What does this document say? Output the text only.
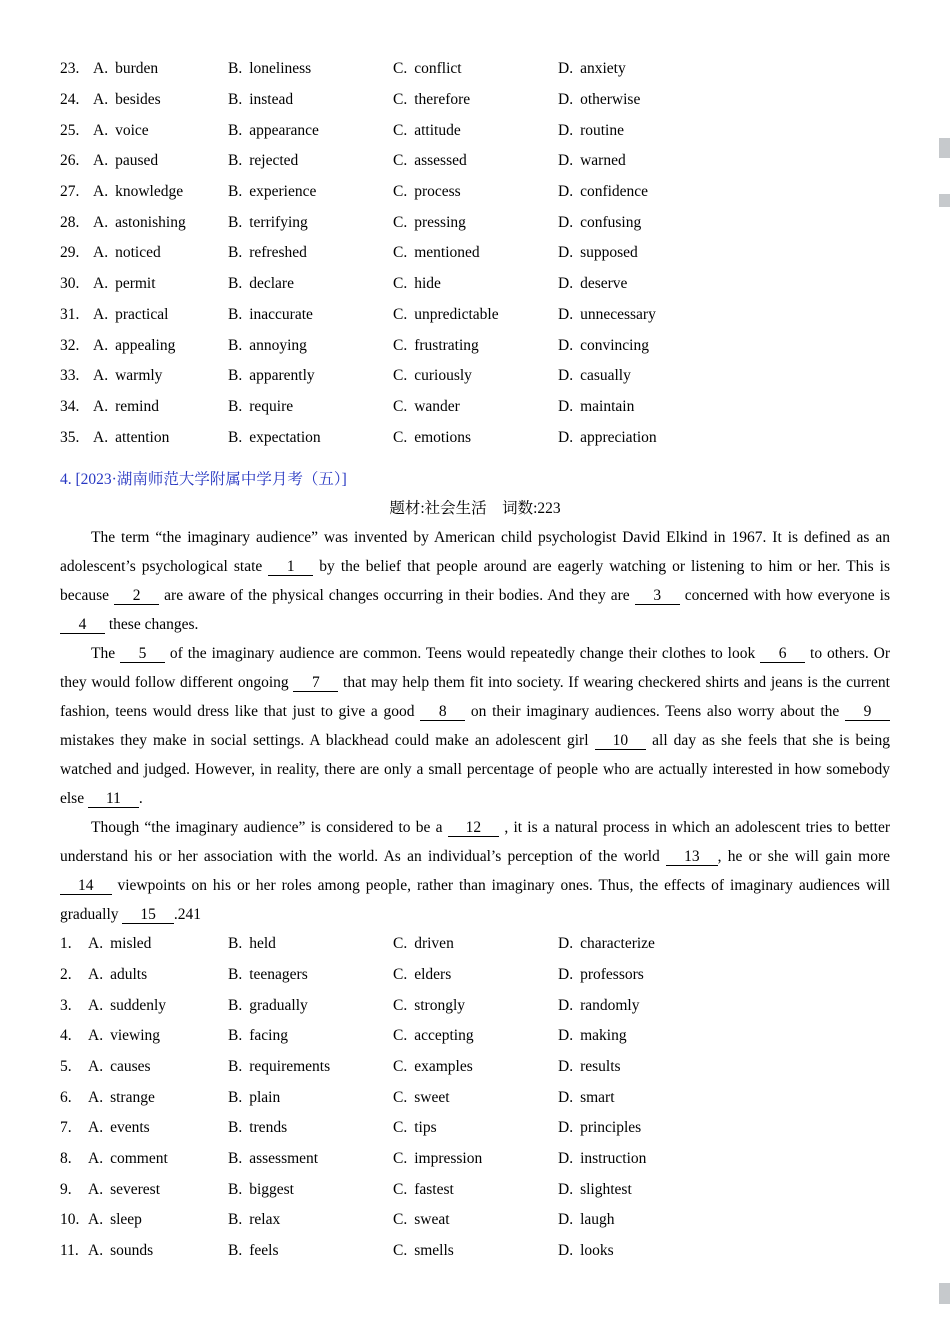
23. A. burden	B. loneliness	C. conflict	D. anxiety
24. A. besides	B. instead	C. therefore	D. otherwise
25. A. voice	B. appearance	C. attitude	D. routine
26. A. paused	B. rejected	C. assessed	D. warned
27. A. knowledge	B. experience	C. process	D. confidence
28. A. astonishing	B. terrifying	C. pressing	D. confusing
29. A. noticed	B. refreshed	C. mentioned	D. supposed
30. A. permit	B. declare	C. hide	D. deserve
31. A. practical	B. inaccurate	C. unpredictable	D. unnecessary
32. A. appealing	B. annoying	C. frustrating	D. convincing
33. A. warmly	B. apparently	C. curiously	D. casually
34. A. remind	B. require	C. wander	D. maintain
35. A. attention	B. expectation	C. emotions	D. appreciation
4. [2023·湖南师范大学附属中学月考（五）]
题材:社会生活　词数:223

The term “the imaginary audience” was invented by American child psychologist David Elkind in 1967. It is defined as an adolescent’s psychological state 1 by the belief that people around are eagerly watching or listening to him or her. This is because 2 are aware of the physical changes occurring in their bodies. And they are 3 concerned with how everyone is 4 these changes.

The 5 of the imaginary audience are common. Teens would repeatedly change their clothes to look 6 to others. Or they would follow different ongoing 7 that may help them fit into society. If wearing checkered shirts and jeans is the current fashion, teens would dress like that just to give a good 8 on their imaginary audiences. Teens also worry about the 9 mistakes they make in social settings. A blackhead could make an adolescent girl 10 all day as she feels that she is being watched and judged. However, in reality, there are only a small percentage of people who are actually interested in how somebody else 11 .

Though “the imaginary audience” is considered to be a 12 , it is a natural process in which an adolescent tries to better understand his or her association with the world. As an individual’s perception of the world 13 , he or she will gain more 14 viewpoints on his or her roles among people, rather than imaginary ones. Thus, the effects of imaginary audiences will gradually 15 .241

1.	A. misled	B. held	C. driven	D. characterize
2.	A. adults	B. teenagers	C. elders	D. professors
3.	A. suddenly	B. gradually	C. strongly	D. randomly
4.	A. viewing	B. facing	C. accepting	D. making
5.	A. causes	B. requirements	C. examples	D. results
6.	A. strange	B. plain	C. sweet	D. smart
7.	A. events	B. trends	C. tips	D. principles
8.	A. comment	B. assessment	C. impression	D. instruction
9.	A. severest	B. biggest	C. fastest	D. slightest
10. A. sleep	B. relax	C. sweat	D. laugh
11. A. sounds	B. feels	C. smells	D. looks
